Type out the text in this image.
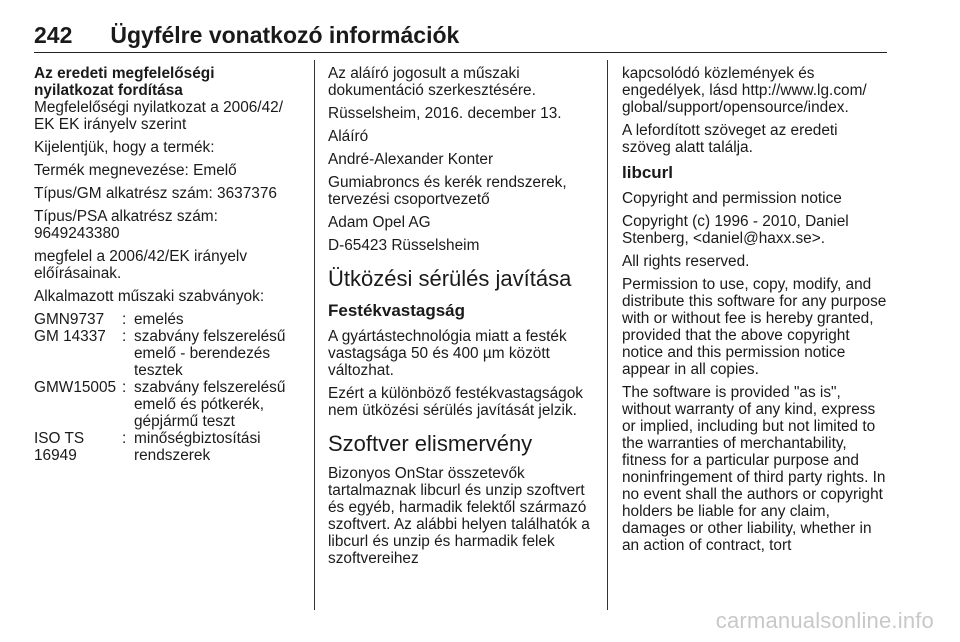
242 Ügyfélre vonatkozó információk

Az eredeti megfelelőségi nyilatkozat fordítása

Megfelelőségi nyilatkozat a 2006/42/ EK EK irányelv szerint

Kijelentjük, hogy a termék:

Termék megnevezése: Emelő

Típus/GM alkatrész szám: 3637376

Típus/PSA alkatrész szám: 9649243380

megfelel a 2006/42/EK irányelv előírásainak.

Alkalmazott műszaki szabványok:

GMN9737	: emelés
GM 14337	: szabvány felszerelésű emelő - berendezés tesztek
GMW15005 : szabvány felszerelésű emelő és pótkerék, gépjármű teszt
ISO TS 16949
: minőségbiztosítási rendszerek

Az aláíró jogosult a műszaki dokumentáció szerkesztésére.

Rüsselsheim, 2016. december 13.

Aláíró

André-Alexander Konter

Gumiabroncs és kerék rendszerek, tervezési csoportvezető

Adam Opel AG

D-65423 Rüsselsheim

Ütközési sérülés javítása
Festékvastagság

A gyártástechnológia miatt a festék vastagsága 50 és 400 µm között változhat.

Ezért a különböző festékvastagságok nem ütközési sérülés javítását jelzik.

Szoftver elismervény

Bizonyos OnStar összetevők tartalmaznak libcurl és unzip szoftvert és egyéb, harmadik felektől származó szoftvert. Az alábbi helyen találhatók a libcurl és unzip és harmadik felek szoftvereihez

kapcsolódó közlemények és engedélyek, lásd http://www.lg.com/ global/support/opensource/index.

A lefordított szöveget az eredeti szöveg alatt találja.

libcurl

Copyright and permission notice

Copyright (c) 1996 - 2010, Daniel Stenberg, <daniel@haxx.se>.

All rights reserved.

Permission to use, copy, modify, and distribute this software for any purpose with or without fee is hereby granted, provided that the above copyright notice and this permission notice appear in all copies.

The software is provided "as is", without warranty of any kind, express or implied, including but not limited to the warranties of merchantability, fitness for a particular purpose and noninfringement of third party rights. In no event shall the authors or copyright holders be liable for any claim, damages or other liability, whether in an action of contract, tort

carmanualsonline.info
